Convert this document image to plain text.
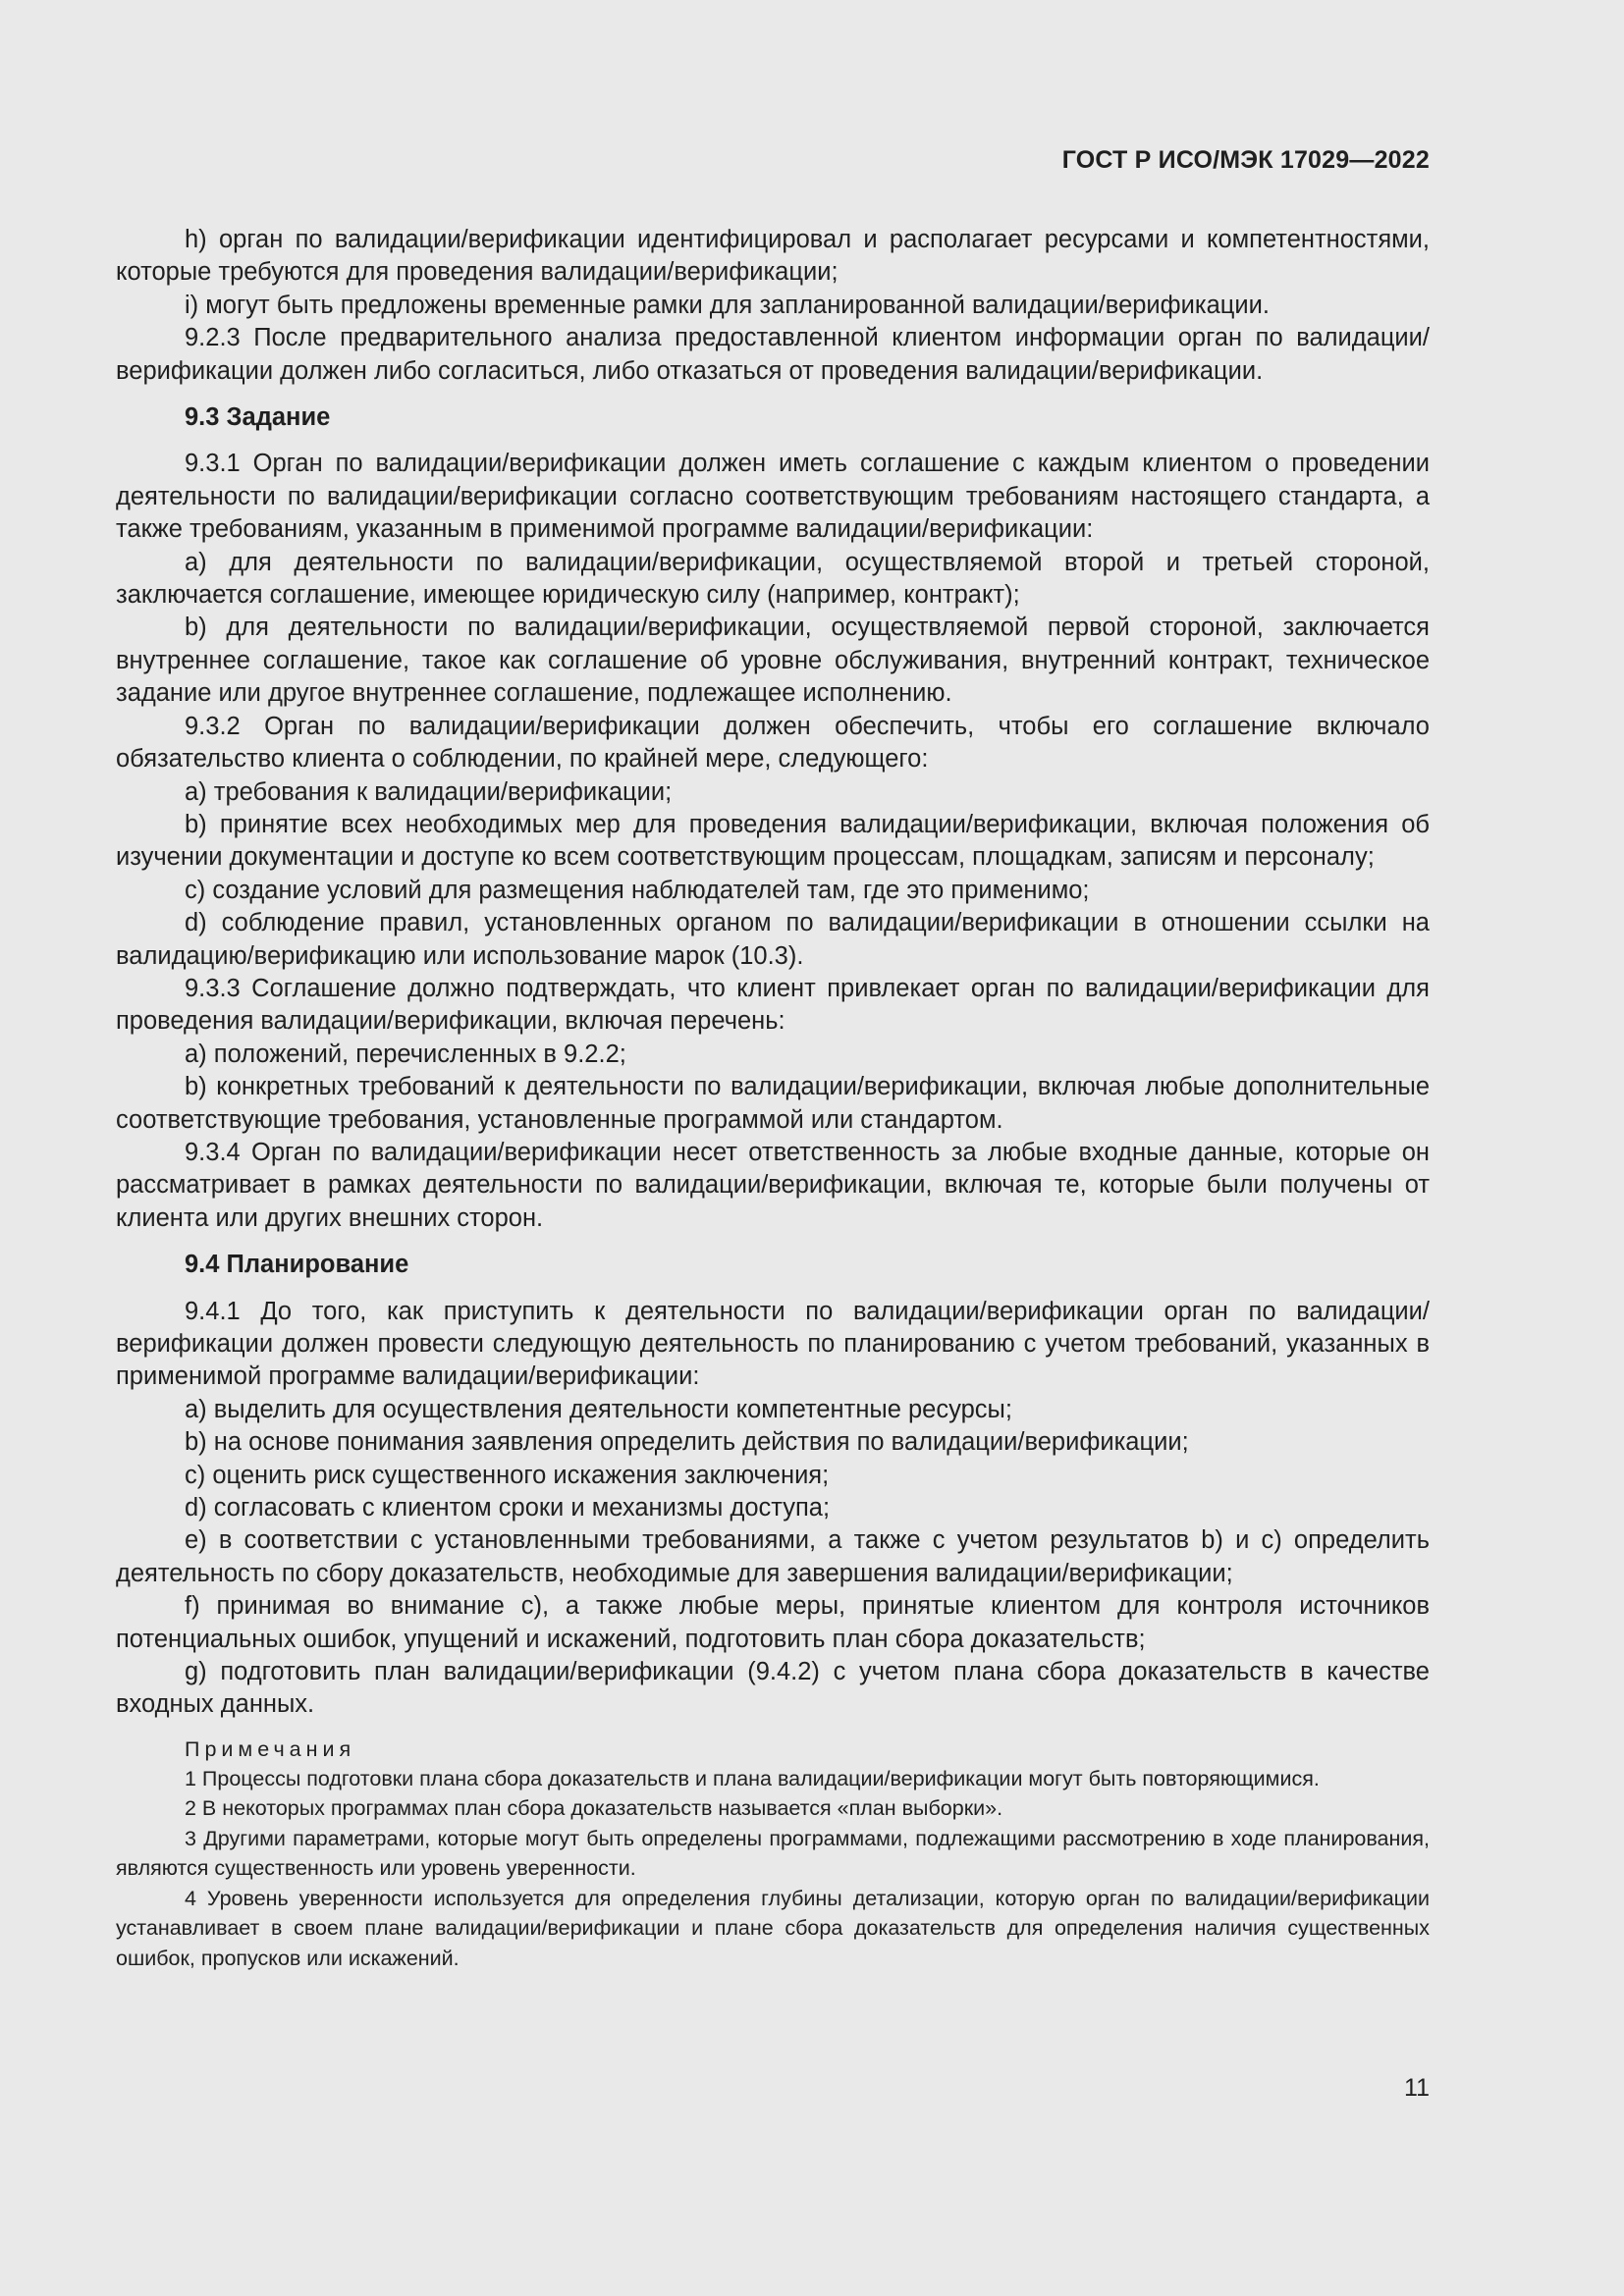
ГОСТ Р ИСО/МЭК 17029—2022

h) орган по валидации/верификации идентифицировал и располагает ресурсами и компетентностями, которые требуются для проведения валидации/верификации;

i) могут быть предложены временные рамки для запланированной валидации/верификации.

9.2.3 После предварительного анализа предоставленной клиентом информации орган по валидации/верификации должен либо согласиться, либо отказаться от проведения валидации/верификации.

9.3 Задание

9.3.1 Орган по валидации/верификации должен иметь соглашение с каждым клиентом о проведении деятельности по валидации/верификации согласно соответствующим требованиям настоящего стандарта, а также требованиям, указанным в применимой программе валидации/верификации:

a) для деятельности по валидации/верификации, осуществляемой второй и третьей стороной, заключается соглашение, имеющее юридическую силу (например, контракт);

b) для деятельности по валидации/верификации, осуществляемой первой стороной, заключается внутреннее соглашение, такое как соглашение об уровне обслуживания, внутренний контракт, техническое задание или другое внутреннее соглашение, подлежащее исполнению.

9.3.2 Орган по валидации/верификации должен обеспечить, чтобы его соглашение включало обязательство клиента о соблюдении, по крайней мере, следующего:

a) требования к валидации/верификации;

b) принятие всех необходимых мер для проведения валидации/верификации, включая положения об изучении документации и доступе ко всем соответствующим процессам, площадкам, записям и персоналу;

c) создание условий для размещения наблюдателей там, где это применимо;

d) соблюдение правил, установленных органом по валидации/верификации в отношении ссылки на валидацию/верификацию или использование марок (10.3).

9.3.3 Соглашение должно подтверждать, что клиент привлекает орган по валидации/верификации для проведения валидации/верификации, включая перечень:

a) положений, перечисленных в 9.2.2;

b) конкретных требований к деятельности по валидации/верификации, включая любые дополнительные соответствующие требования, установленные программой или стандартом.

9.3.4 Орган по валидации/верификации несет ответственность за любые входные данные, которые он рассматривает в рамках деятельности по валидации/верификации, включая те, которые были получены от клиента или других внешних сторон.

9.4 Планирование

9.4.1 До того, как приступить к деятельности по валидации/верификации орган по валидации/верификации должен провести следующую деятельность по планированию с учетом требований, указанных в применимой программе валидации/верификации:

a) выделить для осуществления деятельности компетентные ресурсы;

b) на основе понимания заявления определить действия по валидации/верификации;

c) оценить риск существенного искажения заключения;

d) согласовать с клиентом сроки и механизмы доступа;

e) в соответствии с установленными требованиями, а также с учетом результатов b) и c) определить деятельность по сбору доказательств, необходимые для завершения валидации/верификации;

f) принимая во внимание c), а также любые меры, принятые клиентом для контроля источников потенциальных ошибок, упущений и искажений, подготовить план сбора доказательств;

g) подготовить план валидации/верификации (9.4.2) с учетом плана сбора доказательств в качестве входных данных.

Примечания

1 Процессы подготовки плана сбора доказательств и плана валидации/верификации могут быть повторяющимися.

2 В некоторых программах план сбора доказательств называется «план выборки».

3 Другими параметрами, которые могут быть определены программами, подлежащими рассмотрению в ходе планирования, являются существенность или уровень уверенности.

4 Уровень уверенности используется для определения глубины детализации, которую орган по валидации/верификации устанавливает в своем плане валидации/верификации и плане сбора доказательств для определения наличия существенных ошибок, пропусков или искажений.

11
